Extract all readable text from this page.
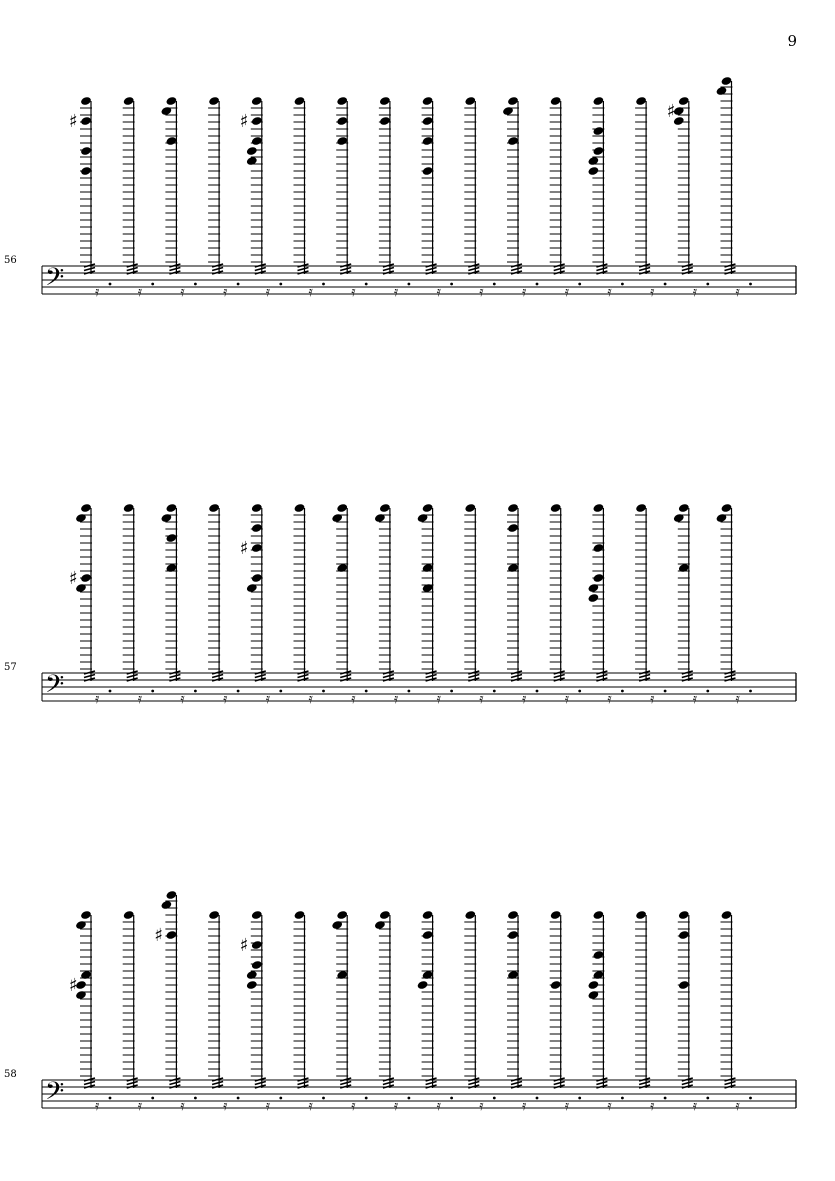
9
56
57
58
𝄢
♯
𝄿	𝄿	𝄿	𝄿
♯
𝄿	𝄿	𝄿	𝄿	𝄿	𝄿	𝄿	𝄿	𝄿	𝄿
♯
𝄿	𝄿
𝄢
♯
𝄿	𝄿	𝄿	𝄿
♯
𝄿	𝄿	𝄿	𝄿	𝄿	𝄿	𝄿	𝄿	𝄿	𝄿	𝄿	𝄿
𝄢
♯
𝄿	𝄿
♯
𝄿	𝄿
♯
𝄿	𝄿	𝄿	𝄿	𝄿	𝄿	𝄿	𝄿	𝄿	𝄿	𝄿	𝄿
